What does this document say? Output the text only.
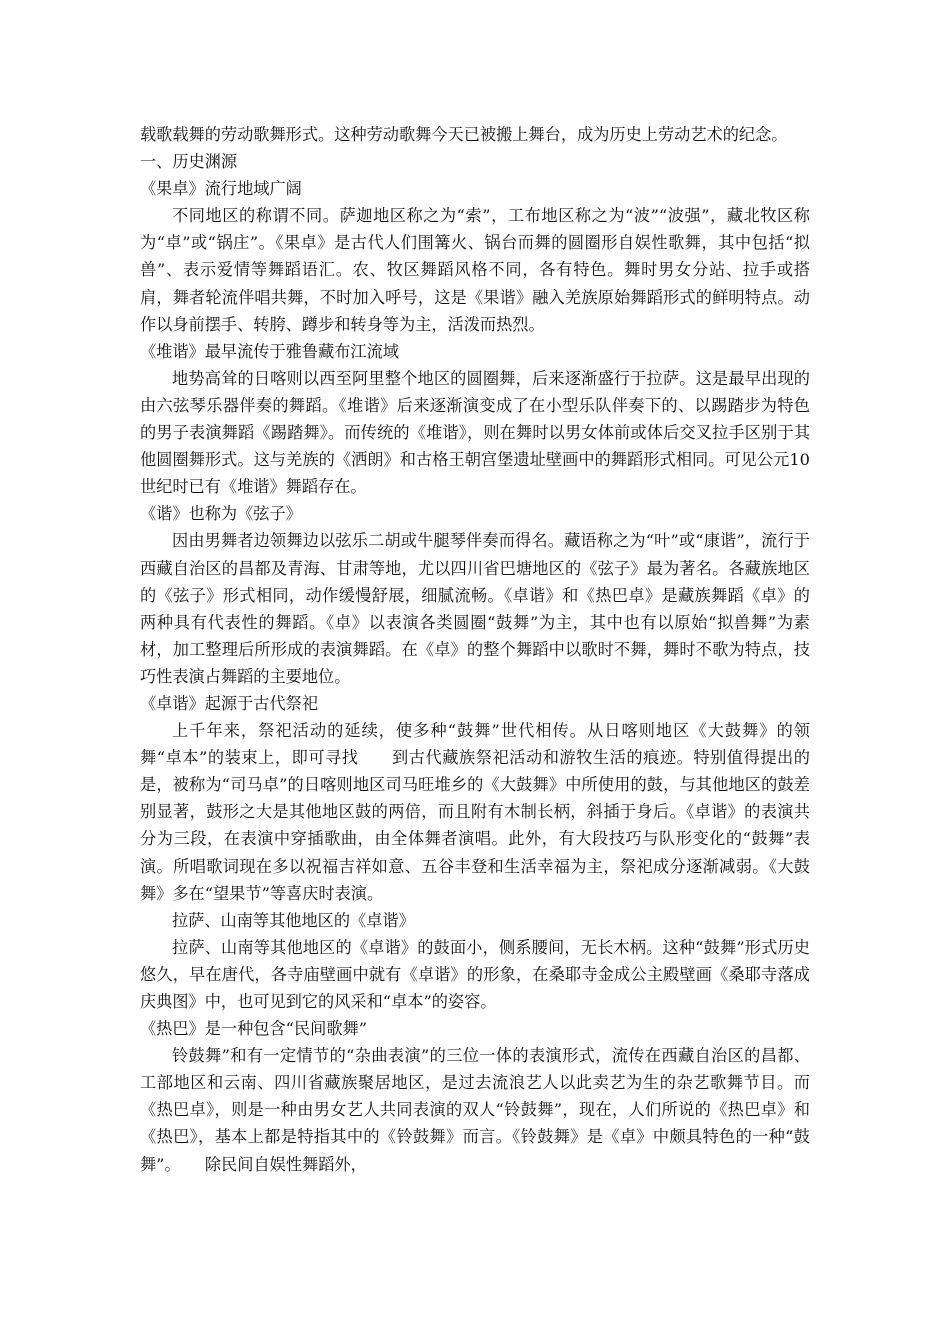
载歌载舞的劳动歌舞形式。这种劳动歌舞今天已被搬上舞台，成为历史上劳动艺术的纪念。

一、历史渊源

《果卓》流行地域广阔

不同地区的称谓不同。萨迦地区称之为“索”，工布地区称之为“波”“波强”，藏北牧区称为“卓”或“锅庄”。《果卓》是古代人们围篝火、锅台而舞的圆圈形自娱性歌舞，其中包括“拟兽”、表示爱情等舞蹈语汇。农、牧区舞蹈风格不同，各有特色。舞时男女分站、拉手或搭肩，舞者轮流伴唱共舞，不时加入呼号，这是《果谐》融入羌族原始舞蹈形式的鲜明特点。动作以身前摆手、转胯、蹲步和转身等为主，活泼而热烈。

《堆谐》最早流传于雅鲁藏布江流域

地势高耸的日喀则以西至阿里整个地区的圆圈舞，后来逐渐盛行于拉萨。这是最早出现的由六弦琴乐器伴奏的舞蹈。《堆谐》后来逐渐演变成了在小型乐队伴奏下的、以踢踏步为特色的男子表演舞蹈《踢踏舞》。而传统的《堆谐》，则在舞时以男女体前或体后交叉拉手区别于其他圆圈舞形式。这与羌族的《洒朗》和古格王朝宫堡遗址壁画中的舞蹈形式相同。可见公元10世纪时已有《堆谐》舞蹈存在。

《谐》也称为《弦子》

因由男舞者边领舞边以弦乐二胡或牛腿琴伴奏而得名。藏语称之为“叶”或“康谐”，流行于西藏自治区的昌都及青海、甘肃等地，尤以四川省巴塘地区的《弦子》最为著名。各藏族地区的《弦子》形式相同，动作缓慢舒展，细腻流畅。《卓谐》和《热巴卓》是藏族舞蹈《卓》的两种具有代表性的舞蹈。《卓》以表演各类圆圈“鼓舞”为主，其中也有以原始“拟兽舞”为素材，加工整理后所形成的表演舞蹈。在《卓》的整个舞蹈中以歌时不舞，舞时不歌为特点，技巧性表演占舞蹈的主要地位。

《卓谐》起源于古代祭祀

上千年来，祭祀活动的延续，使多种“鼓舞”世代相传。从日喀则地区《大鼓舞》的领舞“卓本”的装束上，即可寻找　　到古代藏族祭祀活动和游牧生活的痕迹。特别值得提出的是，被称为“司马卓”的日喀则地区司马旺堆乡的《大鼓舞》中所使用的鼓，与其他地区的鼓差别显著，鼓形之大是其他地区鼓的两倍，而且附有木制长柄，斜插于身后。《卓谐》的表演共分为三段，在表演中穿插歌曲，由全体舞者演唱。此外，有大段技巧与队形变化的“鼓舞”表演。所唱歌词现在多以祝福吉祥如意、五谷丰登和生活幸福为主，祭祀成分逐渐减弱。《大鼓舞》多在“望果节”等喜庆时表演。

拉萨、山南等其他地区的《卓谐》

拉萨、山南等其他地区的《卓谐》的鼓面小，侧系腰间，无长木柄。这种“鼓舞”形式历史悠久，早在唐代，各寺庙壁画中就有《卓谐》的形象，在桑耶寺金成公主殿壁画《桑耶寺落成庆典图》中，也可见到它的风采和“卓本”的姿容。

《热巴》是一种包含“民间歌舞”

铃鼓舞”和有一定情节的“杂曲表演”的三位一体的表演形式，流传在西藏自治区的昌都、工部地区和云南、四川省藏族聚居地区，是过去流浪艺人以此卖艺为生的杂艺歌舞节目。而《热巴卓》，则是一种由男女艺人共同表演的双人“铃鼓舞”，现在，人们所说的《热巴卓》和《热巴》，基本上都是特指其中的《铃鼓舞》而言。《铃鼓舞》是《卓》中颇具特色的一种“鼓舞”。　　除民间自娱性舞蹈外，
